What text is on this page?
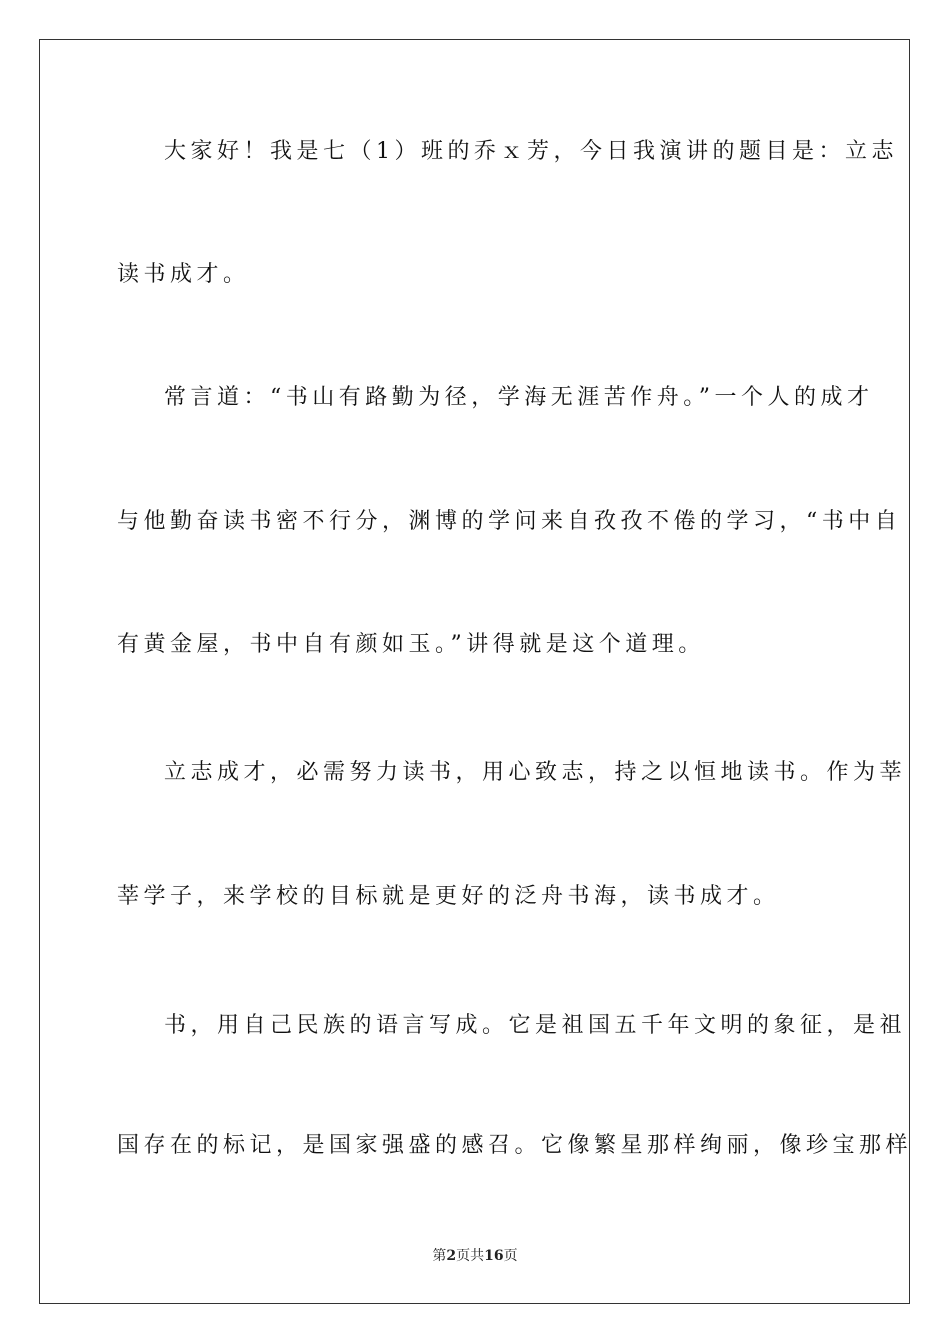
大家好！我是七（1）班的乔ｘ芳，今日我演讲的题目是：立志
读书成才。
常言道：“书山有路勤为径，学海无涯苦作舟。”一个人的成才
与他勤奋读书密不行分，渊博的学问来自孜孜不倦的学习，“书中自
有黄金屋，书中自有颜如玉。”讲得就是这个道理。
立志成才，必需努力读书，用心致志，持之以恒地读书。作为莘
莘学子，来学校的目标就是更好的泛舟书海，读书成才。
书，用自己民族的语言写成。它是祖国五千年文明的象征，是祖
国存在的标记，是国家强盛的感召。它像繁星那样绚丽，像珍宝那样
第2页共16页
